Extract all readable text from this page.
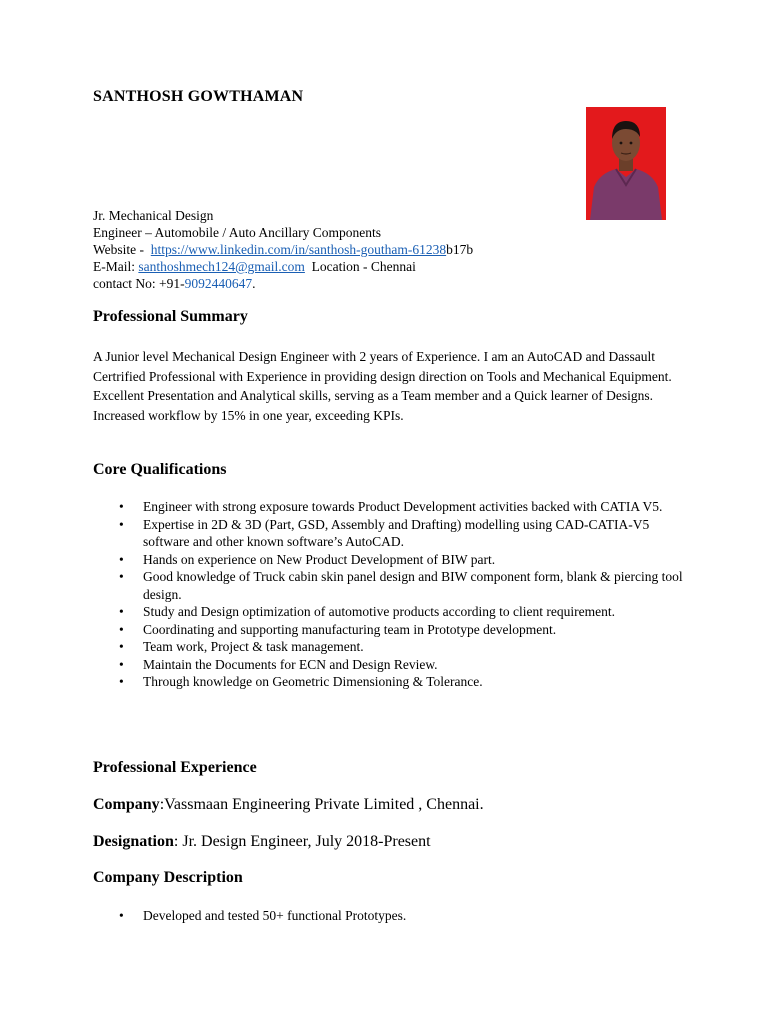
SANTHOSH GOWTHAMAN
Jr. Mechanical Design
Engineer – Automobile / Auto Ancillary Components
Website -  https://www.linkedin.com/in/santhosh-goutham-61238b17b
E-Mail: santhoshmech124@gmail.com  Location - Chennai
contact No: +91-9092440647.
Professional Summary
A Junior level Mechanical Design Engineer with 2 years of Experience. I am an AutoCAD and Dassault Certrified Professional with Experience in providing design direction on Tools and Mechanical Equipment. Excellent Presentation and Analytical skills, serving as a Team member and a Quick learner of Designs. Increased workflow by 15% in one year, exceeding KPIs.
Core Qualifications
• Engineer with strong exposure towards Product Development activities backed with CATIA V5.
• Expertise in 2D & 3D (Part, GSD, Assembly and Drafting) modelling using CAD-CATIA-V5 software and other known software’s AutoCAD.
• Hands on experience on New Product Development of BIW part.
• Good knowledge of Truck cabin skin panel design and BIW component form, blank & piercing tool design.
• Study and Design optimization of automotive products according to client requirement.
• Coordinating and supporting manufacturing team in Prototype development.
• Team work, Project & task management.
• Maintain the Documents for ECN and Design Review.
• Through knowledge on Geometric Dimensioning & Tolerance.
Professional Experience
Company:Vassmaan Engineering Private Limited , Chennai.
Designation: Jr. Design Engineer, July 2018-Present
Company Description
• Developed and tested 50+ functional Prototypes.
